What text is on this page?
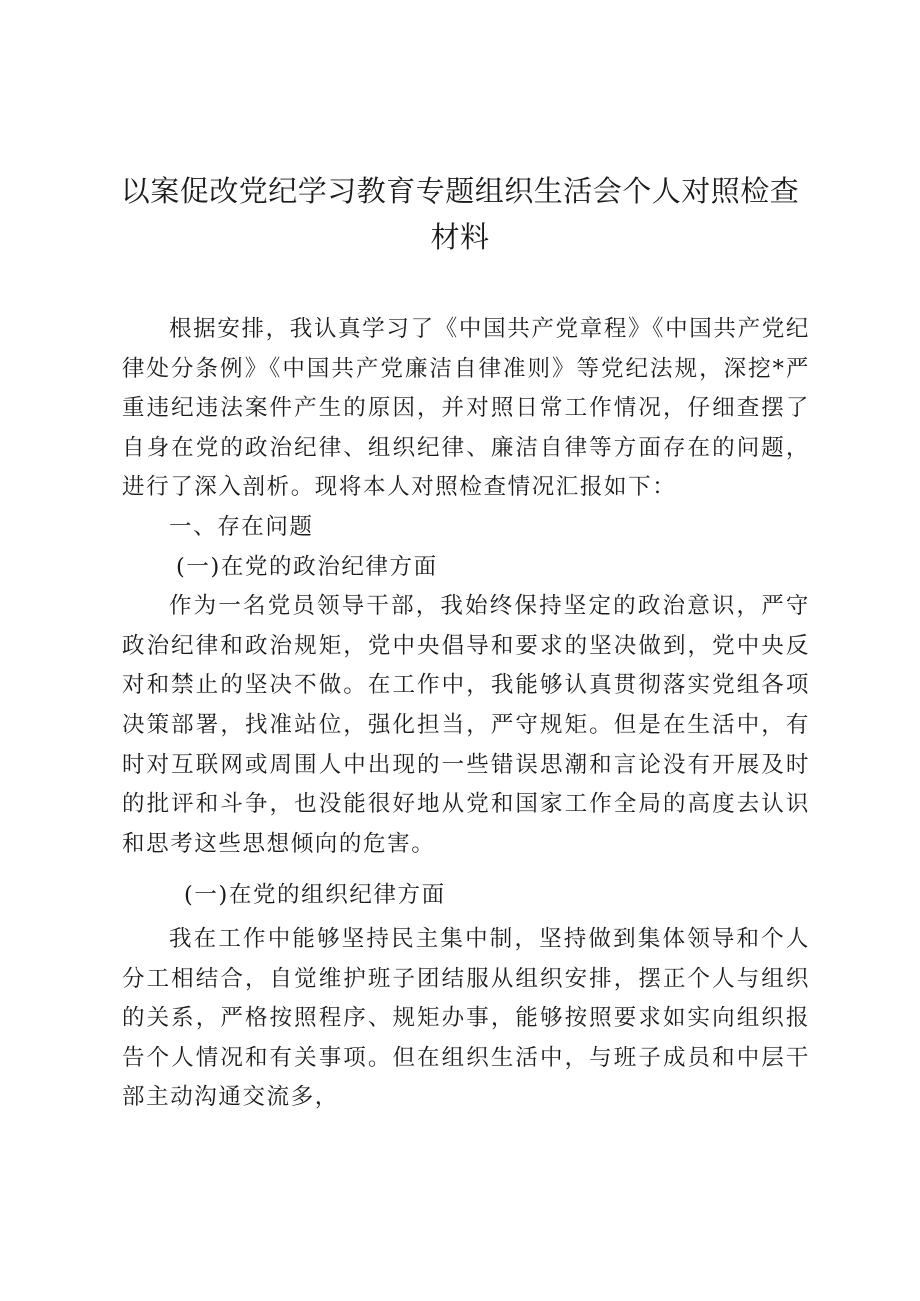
以案促改党纪学习教育专题组织生活会个人对照检查材料

根据安排，我认真学习了《中国共产党章程》《中国共产党纪律处分条例》《中国共产党廉洁自律准则》等党纪法规，深挖*严重违纪违法案件产生的原因，并对照日常工作情况，仔细查摆了自身在党的政治纪律、组织纪律、廉洁自律等方面存在的问题，进行了深入剖析。现将本人对照检查情况汇报如下：

一、存在问题

(一)在党的政治纪律方面

作为一名党员领导干部，我始终保持坚定的政治意识，严守政治纪律和政治规矩，党中央倡导和要求的坚决做到，党中央反对和禁止的坚决不做。在工作中，我能够认真贯彻落实党组各项决策部署，找准站位，强化担当，严守规矩。但是在生活中，有时对互联网或周围人中出现的一些错误思潮和言论没有开展及时的批评和斗争，也没能很好地从党和国家工作全局的高度去认识和思考这些思想倾向的危害。

(一)在党的组织纪律方面

我在工作中能够坚持民主集中制，坚持做到集体领导和个人分工相结合，自觉维护班子团结服从组织安排，摆正个人与组织的关系，严格按照程序、规矩办事，能够按照要求如实向组织报告个人情况和有关事项。但在组织生活中，与班子成员和中层干部主动沟通交流多，
